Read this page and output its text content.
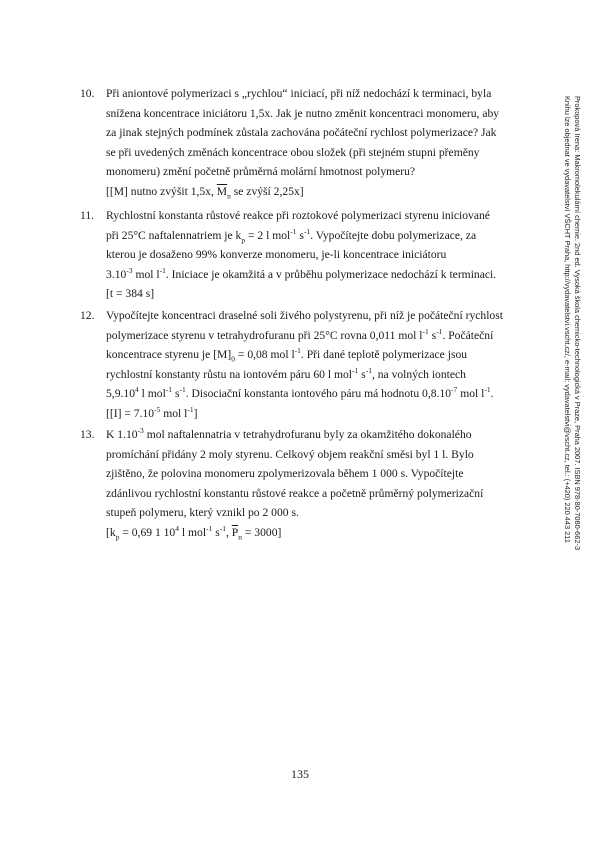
10. Při aniontové polymerizaci s „rychlou“ iniciací, při níž nedochází k terminaci, byla
snížena koncentrace iniciátoru 1,5x. Jak je nutno změnit koncentraci monomeru, aby
za jinak stejných podmínek zůstala zachována počáteční rychlost polymerizace? Jak
se při uvedených změnách koncentrace obou složek (při stejném stupni přeměny
monomeru) změní početně průměrná molární hmotnost polymeru?
[[M] nutno zvýšit 1,5x, $\overline{M}_n$ se zvýší 2,25x]
11. Rychlostní konstanta růstové reakce při roztokové polymerizaci styrenu iniciované
při 25°C naftalennatriem je $k_p = 2$ l mol$^{-1}$ $s^{-1}$. Vypočítejte dobu polymerizace, za
kterou je dosaženo 99% konverze monomeru, je-li koncentrace iniciátoru
$3.10^{-3}$ mol $l^{-1}$. Iniciace je okamžitá a v průběhu polymerizace nedochází k terminaci.
[t = 384 s]
12. Vypočítejte koncentraci draselné soli živého polystyrenu, při níž je počáteční rychlost
polymerizace styrenu v tetrahydrofuranu při 25°C rovna 0,011 mol $l^{-1}$ $s^{-1}$. Počáteční
koncentrace styrenu je $[M]_0 = 0,08$ mol $l^{-1}$. Při dané teplotě polymerizace jsou
rychlostní konstanty růstu na iontovém páru 60 l mol$^{-1}$ $s^{-1}$, na volných iontech
5,9.10$^4$ l mol$^{-1}$ $s^{-1}$. Disociační konstanta iontového páru má hodnotu $0,8.10^{-7}$ mol $l^{-1}$.
[$[I] = 7.10^{-5}$ mol $l^{-1}$]
13. K $1.10^{-3}$ mol naftalennatria v tetrahydrofuranu byly za okamžitého dokonalého
promíchání přidány 2 moly styrenu. Celkový objem reakční směsi byl 1 l. Bylo
zjištěno, že polovina monomeru zpolymerizovala během 1 000 s. Vypočítejte
zdánlivou rychlostní konstantu růstové reakce a početně průměrný polymerizační
stupeň polymeru, který vznikl po 2 000 s.
[$k_p = 0,69$ 1 $10^4$ l mol$^{-1}$ $s^{-1}$, $\overline{P}_n = 3000$]	Prokopová Irena: Makromolekulární chemie. 2nd ed. Vysoká škola chemicko-technologická v Praze, Praha 2007. ISBN 978-80-7080-662-3
Knihu lze objednat ve vydavatelství VŠCHT Praha, http://vydavatelstvi.vscht.cz/, e-mail: vydavatelstvi@vscht.cz, tel.: (+420) 220 443 211
135
